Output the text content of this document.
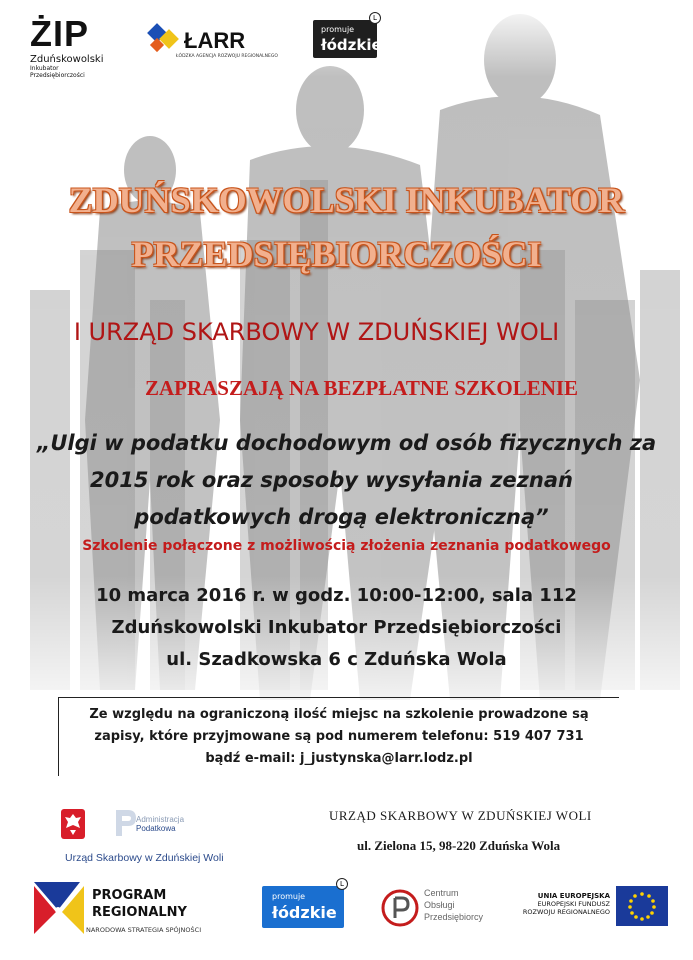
ŻIP
Zduńskowolski
Inkubator Przedsiębiorczości
ŁARR
ŁÓDZKA AGENCJA ROZWOJU REGIONALNEGO
promuje
łódzkie
L
ZDUŃSKOWOLSKI INKUBATOR
PRZEDSIĘBIORCZOŚCI
I URZĄD SKARBOWY W ZDUŃSKIEJ WOLI
ZAPRASZAJĄ NA BEZPŁATNE SZKOLENIE
„Ulgi w podatku dochodowym od osób fizycznych za
2015 rok oraz sposoby wysyłania zeznań
podatkowych drogą elektroniczną”
Szkolenie połączone z możliwością złożenia zeznania podatkowego
10 marca 2016 r. w godz. 10:00-12:00, sala 112
Zduńskowolski Inkubator Przedsiębiorczości
ul. Szadkowska 6 c Zduńska Wola
Ze względu na ograniczoną ilość miejsc na szkolenie prowadzone są
zapisy, które przyjmowane są pod numerem telefonu: 519 407 731
bądź e-mail: j_justynska@larr.lodz.pl
Administracja
Podatkowa
Urząd Skarbowy w Zduńskiej Woli
URZĄD SKARBOWY W ZDUŃSKIEJ WOLI
ul. Zielona 15, 98-220 Zduńska Wola
PROGRAM
REGIONALNY
NARODOWA STRATEGIA SPÓJNOŚCI
promuje
łódzkie
L
Centrum
Obsługi
Przedsiębiorcy
UNIA EUROPEJSKA
EUROPEJSKI FUNDUSZ
ROZWOJU REGIONALNEGO
